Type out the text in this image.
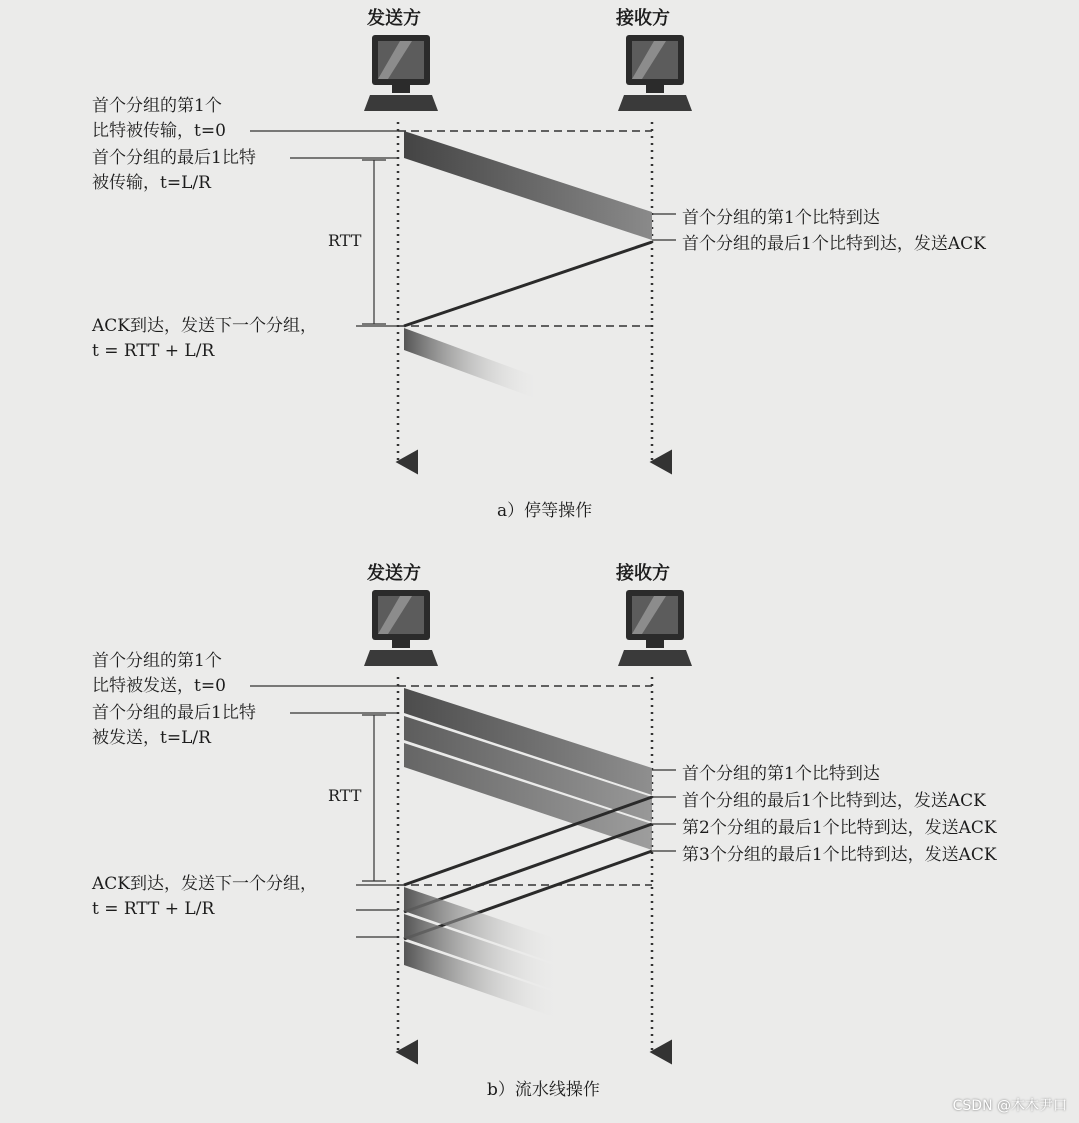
发送方	接收方
首个分组的第1个
比特被传输，t=0
首个分组的最后1比特
被传输，t=L/R
RTT
ACK到达，发送下一个分组，
t = RTT + L/R
首个分组的第1个比特到达
首个分组的最后1个比特到达，发送ACK
a）停等操作
发送方	接收方
首个分组的第1个
比特被发送，t=0
首个分组的最后1比特
被发送，t=L/R
RTT
ACK到达，发送下一个分组，
t = RTT + L/R
首个分组的第1个比特到达
首个分组的最后1个比特到达，发送ACK
第2个分组的最后1个比特到达，发送ACK
第3个分组的最后1个比特到达，发送ACK
b）流水线操作
CSDN @木木尹口
